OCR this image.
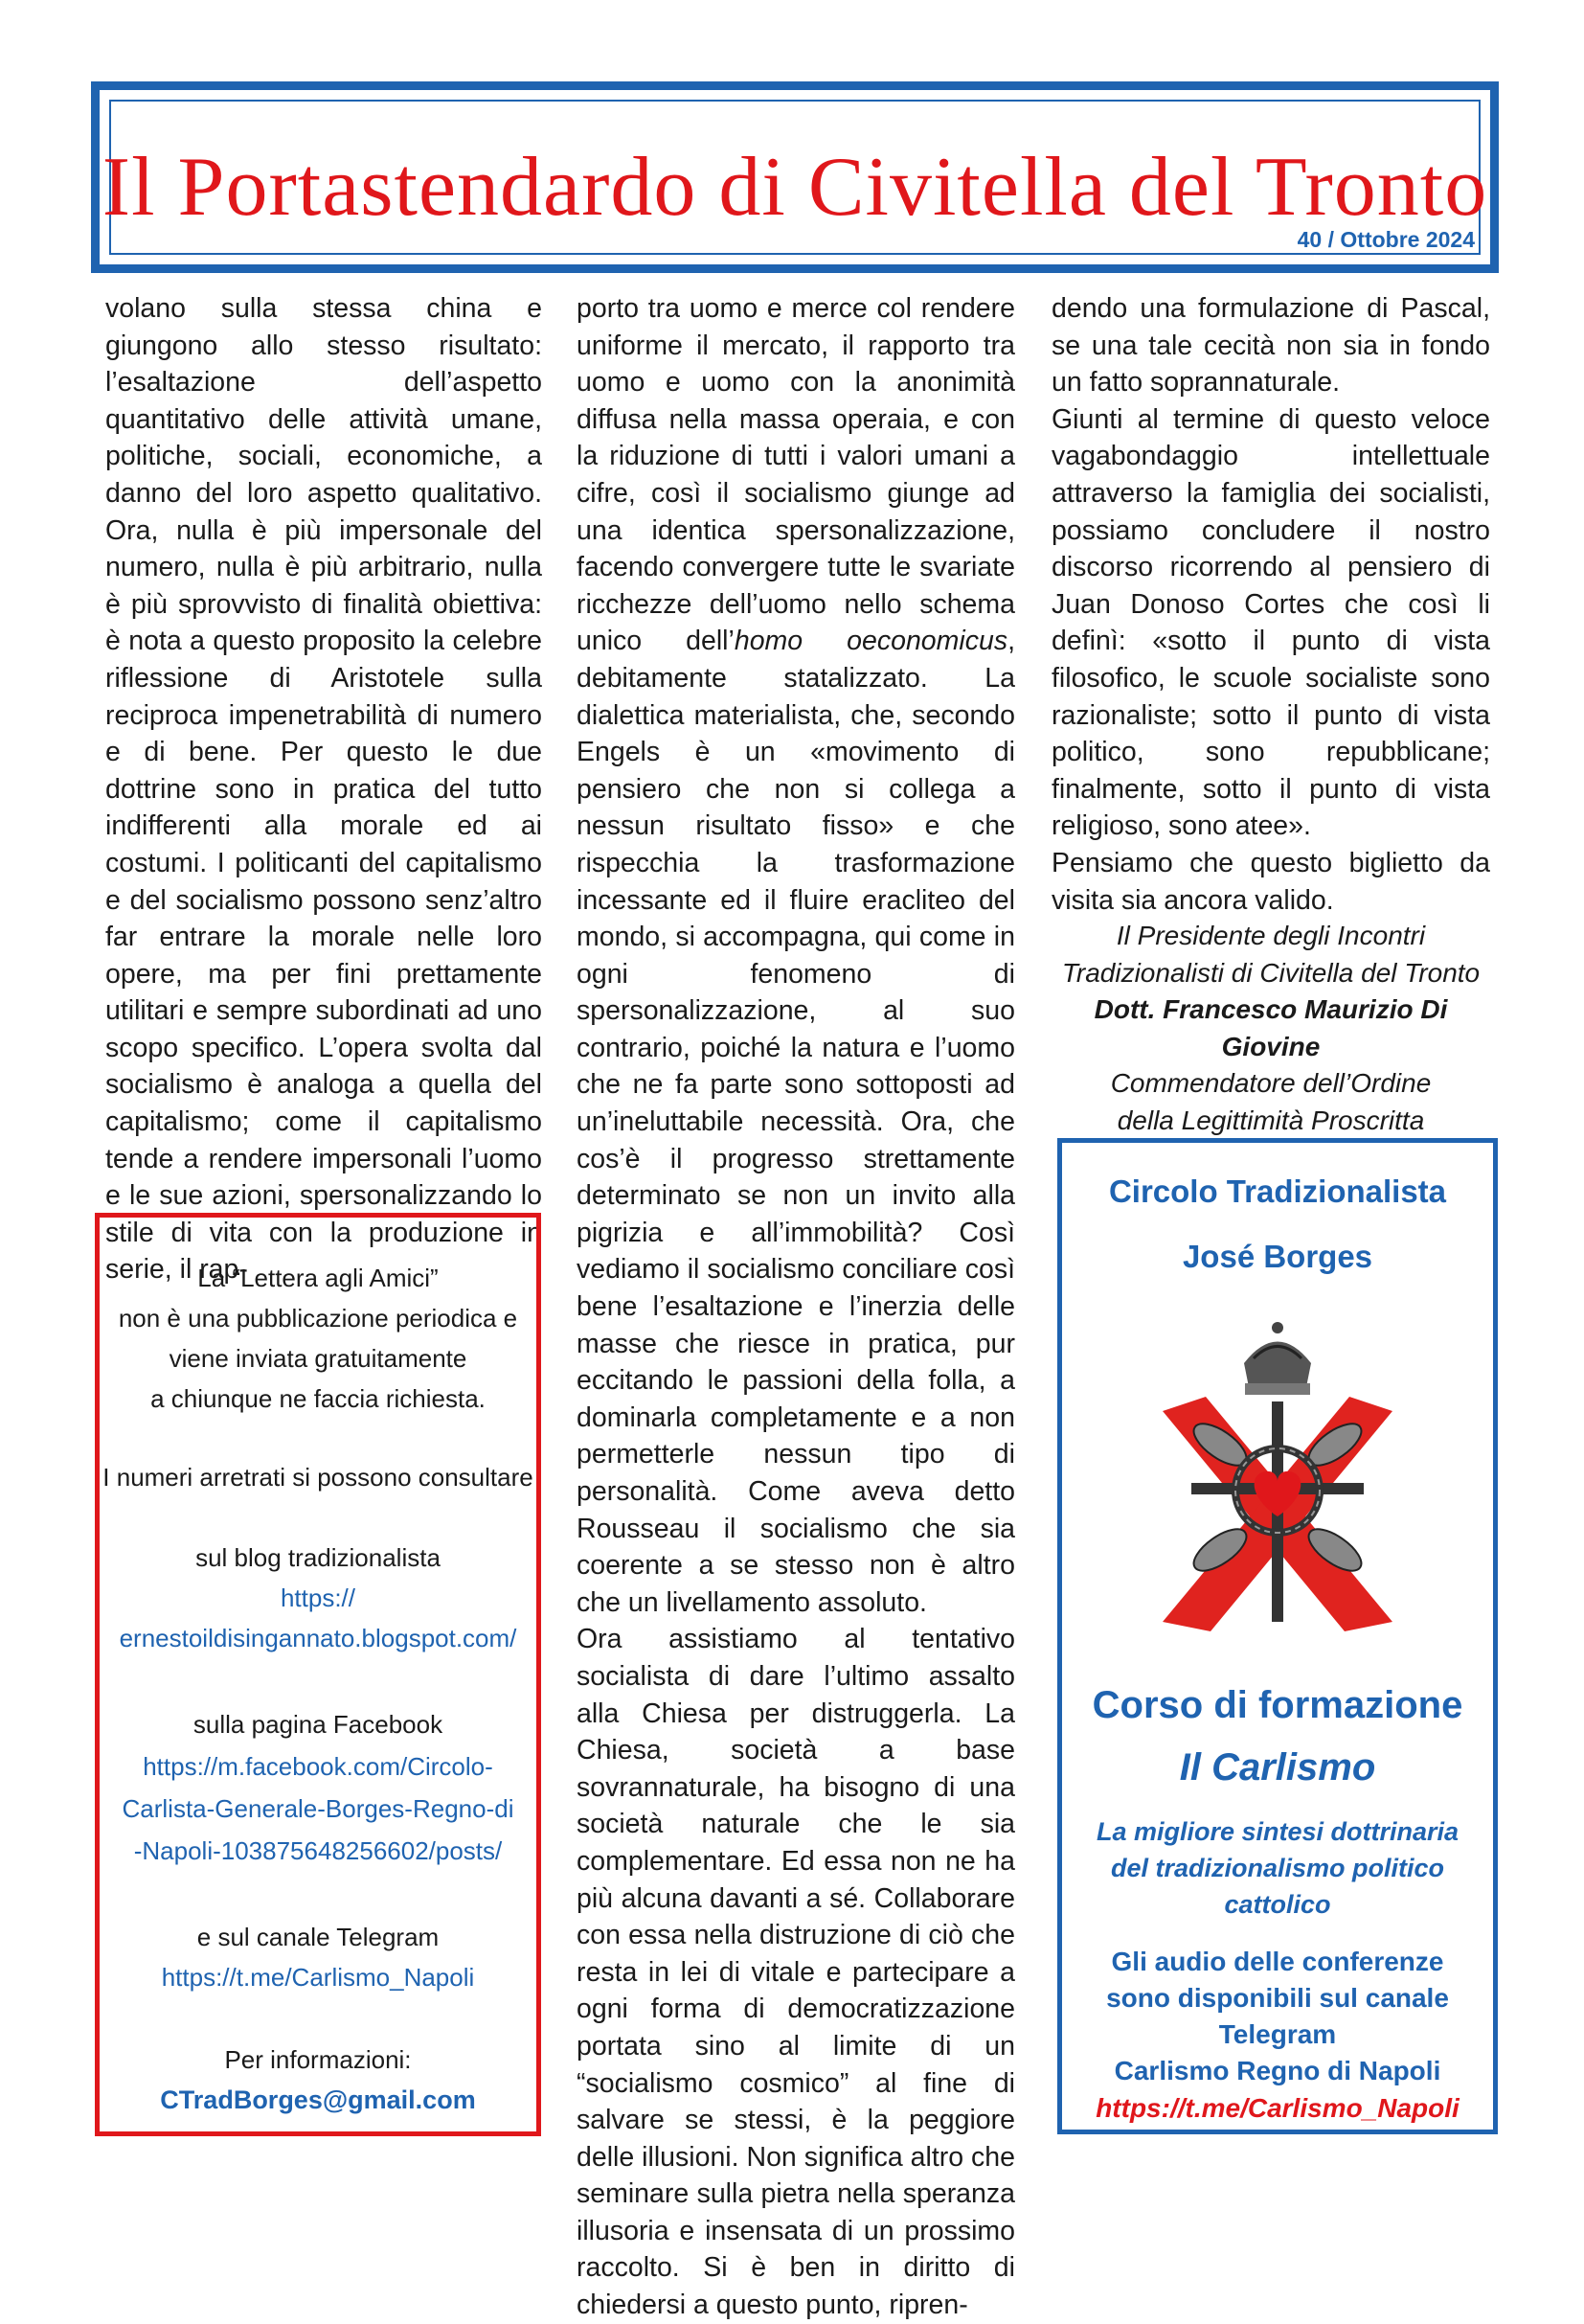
Il Portastendardo di Civitella del Tronto
40 / Ottobre 2024

volano sulla stessa china e giungono allo stesso risultato: l’esaltazione dell’aspetto quantitativo delle attività umane, politiche, sociali, economiche, a danno del loro aspetto qualitativo. Ora, nulla è più impersonale del numero, nulla è più arbitrario, nulla è più sprovvisto di finalità obiettiva: è nota a questo proposito la celebre riflessione di Aristotele sulla reciproca impenetrabilità di numero e di bene. Per questo le due dottrine sono in pratica del tutto indifferenti alla morale ed ai costumi. I politicanti del capitalismo e del socialismo possono senz’altro far entrare la morale nelle loro opere, ma per fini prettamente utilitari e sempre subordinati ad uno scopo specifico. L’opera svolta dal socialismo è analoga a quella del capitalismo; come il capitalismo tende a rendere impersonali l’uomo e le sue azioni, spersonalizzando lo stile di vita con la produzione in serie, il rap-

porto tra uomo e merce col rendere uniforme il mercato, il rapporto tra uomo e uomo con la anonimità diffusa nella massa operaia, e con la riduzione di tutti i valori umani a cifre, così il socialismo giunge ad una identica spersonalizzazione, facendo convergere tutte le svariate ricchezze dell’uomo nello schema unico dell’homo oeconomicus, debitamente statalizzato. La dialettica materialista, che, secondo Engels è un «movimento di pensiero che non si collega a nessun risultato fisso» e che rispecchia la trasformazione incessante ed il fluire eracliteo del mondo, si accompagna, qui come in ogni fenomeno di spersonalizzazione, al suo contrario, poiché la natura e l’uomo che ne fa parte sono sottoposti ad un’ineluttabile necessità. Ora, che cos’è il progresso strettamente determinato se non un invito alla pigrizia e all’immobilità? Così vediamo il socialismo conciliare così bene l’esaltazione e l’inerzia delle masse che riesce in pratica, pur eccitando le passioni della folla, a dominarla completamente e a non permetterle nessun tipo di personalità. Come aveva detto Rousseau il socialismo che sia coerente a se stesso non è altro che un livellamento assoluto.

Ora assistiamo al tentativo socialista di dare l’ultimo assalto alla Chiesa per distruggerla. La Chiesa, società a base sovrannaturale, ha bisogno di una società naturale che le sia complementare. Ed essa non ne ha più alcuna davanti a sé. Collaborare con essa nella distruzione di ciò che resta in lei di vitale e partecipare a ogni forma di democratizzazione portata sino al limite di un “socialismo cosmico” al fine di salvare se stessi, è la peggiore delle illusioni. Non significa altro che seminare sulla pietra nella speranza illusoria e insensata di un prossimo raccolto. Si è ben in diritto di chiedersi a questo punto, ripren-

dendo una formulazione di Pascal, se una tale cecità non sia in fondo un fatto soprannaturale.

Giunti al termine di questo veloce vagabondaggio intellettuale attraverso la famiglia dei socialisti, possiamo concludere il nostro discorso ricorrendo al pensiero di Juan Donoso Cortes che così li definì: «sotto il punto di vista filosofico, le scuole socialiste sono razionaliste; sotto il punto di vista politico, sono repubblicane; finalmente, sotto il punto di vista religioso, sono atee».

Pensiamo che questo biglietto da visita sia ancora valido.

Il Presidente degli Incontri
Tradizionalisti di Civitella del Tronto
Dott. Francesco Maurizio Di Giovine
Commendatore dell’Ordine
della Legittimità Proscritta
La “Lettera agli Amici”
non è una pubblicazione periodica e
viene inviata gratuitamente
a chiunque ne faccia richiesta.
I numeri arretrati si possono consultare
sul blog tradizionalista
https://
ernestoildisingannato.blogspot.com/
sulla pagina Facebook
https://m.facebook.com/Circolo-
Carlista-Generale-Borges-Regno-di
-Napoli-103875648256602/posts/
e sul canale Telegram
https://t.me/Carlismo_Napoli
Per informazioni:
CTradBorges@gmail.com
Circolo Tradizionalista
José Borges
Corso di formazione
Il Carlismo
La migliore sintesi dottrinaria
del tradizionalismo politico
cattolico
Gli audio delle conferenze
sono disponibili sul canale
Telegram
Carlismo Regno di Napoli
https://t.me/Carlismo_Napoli
